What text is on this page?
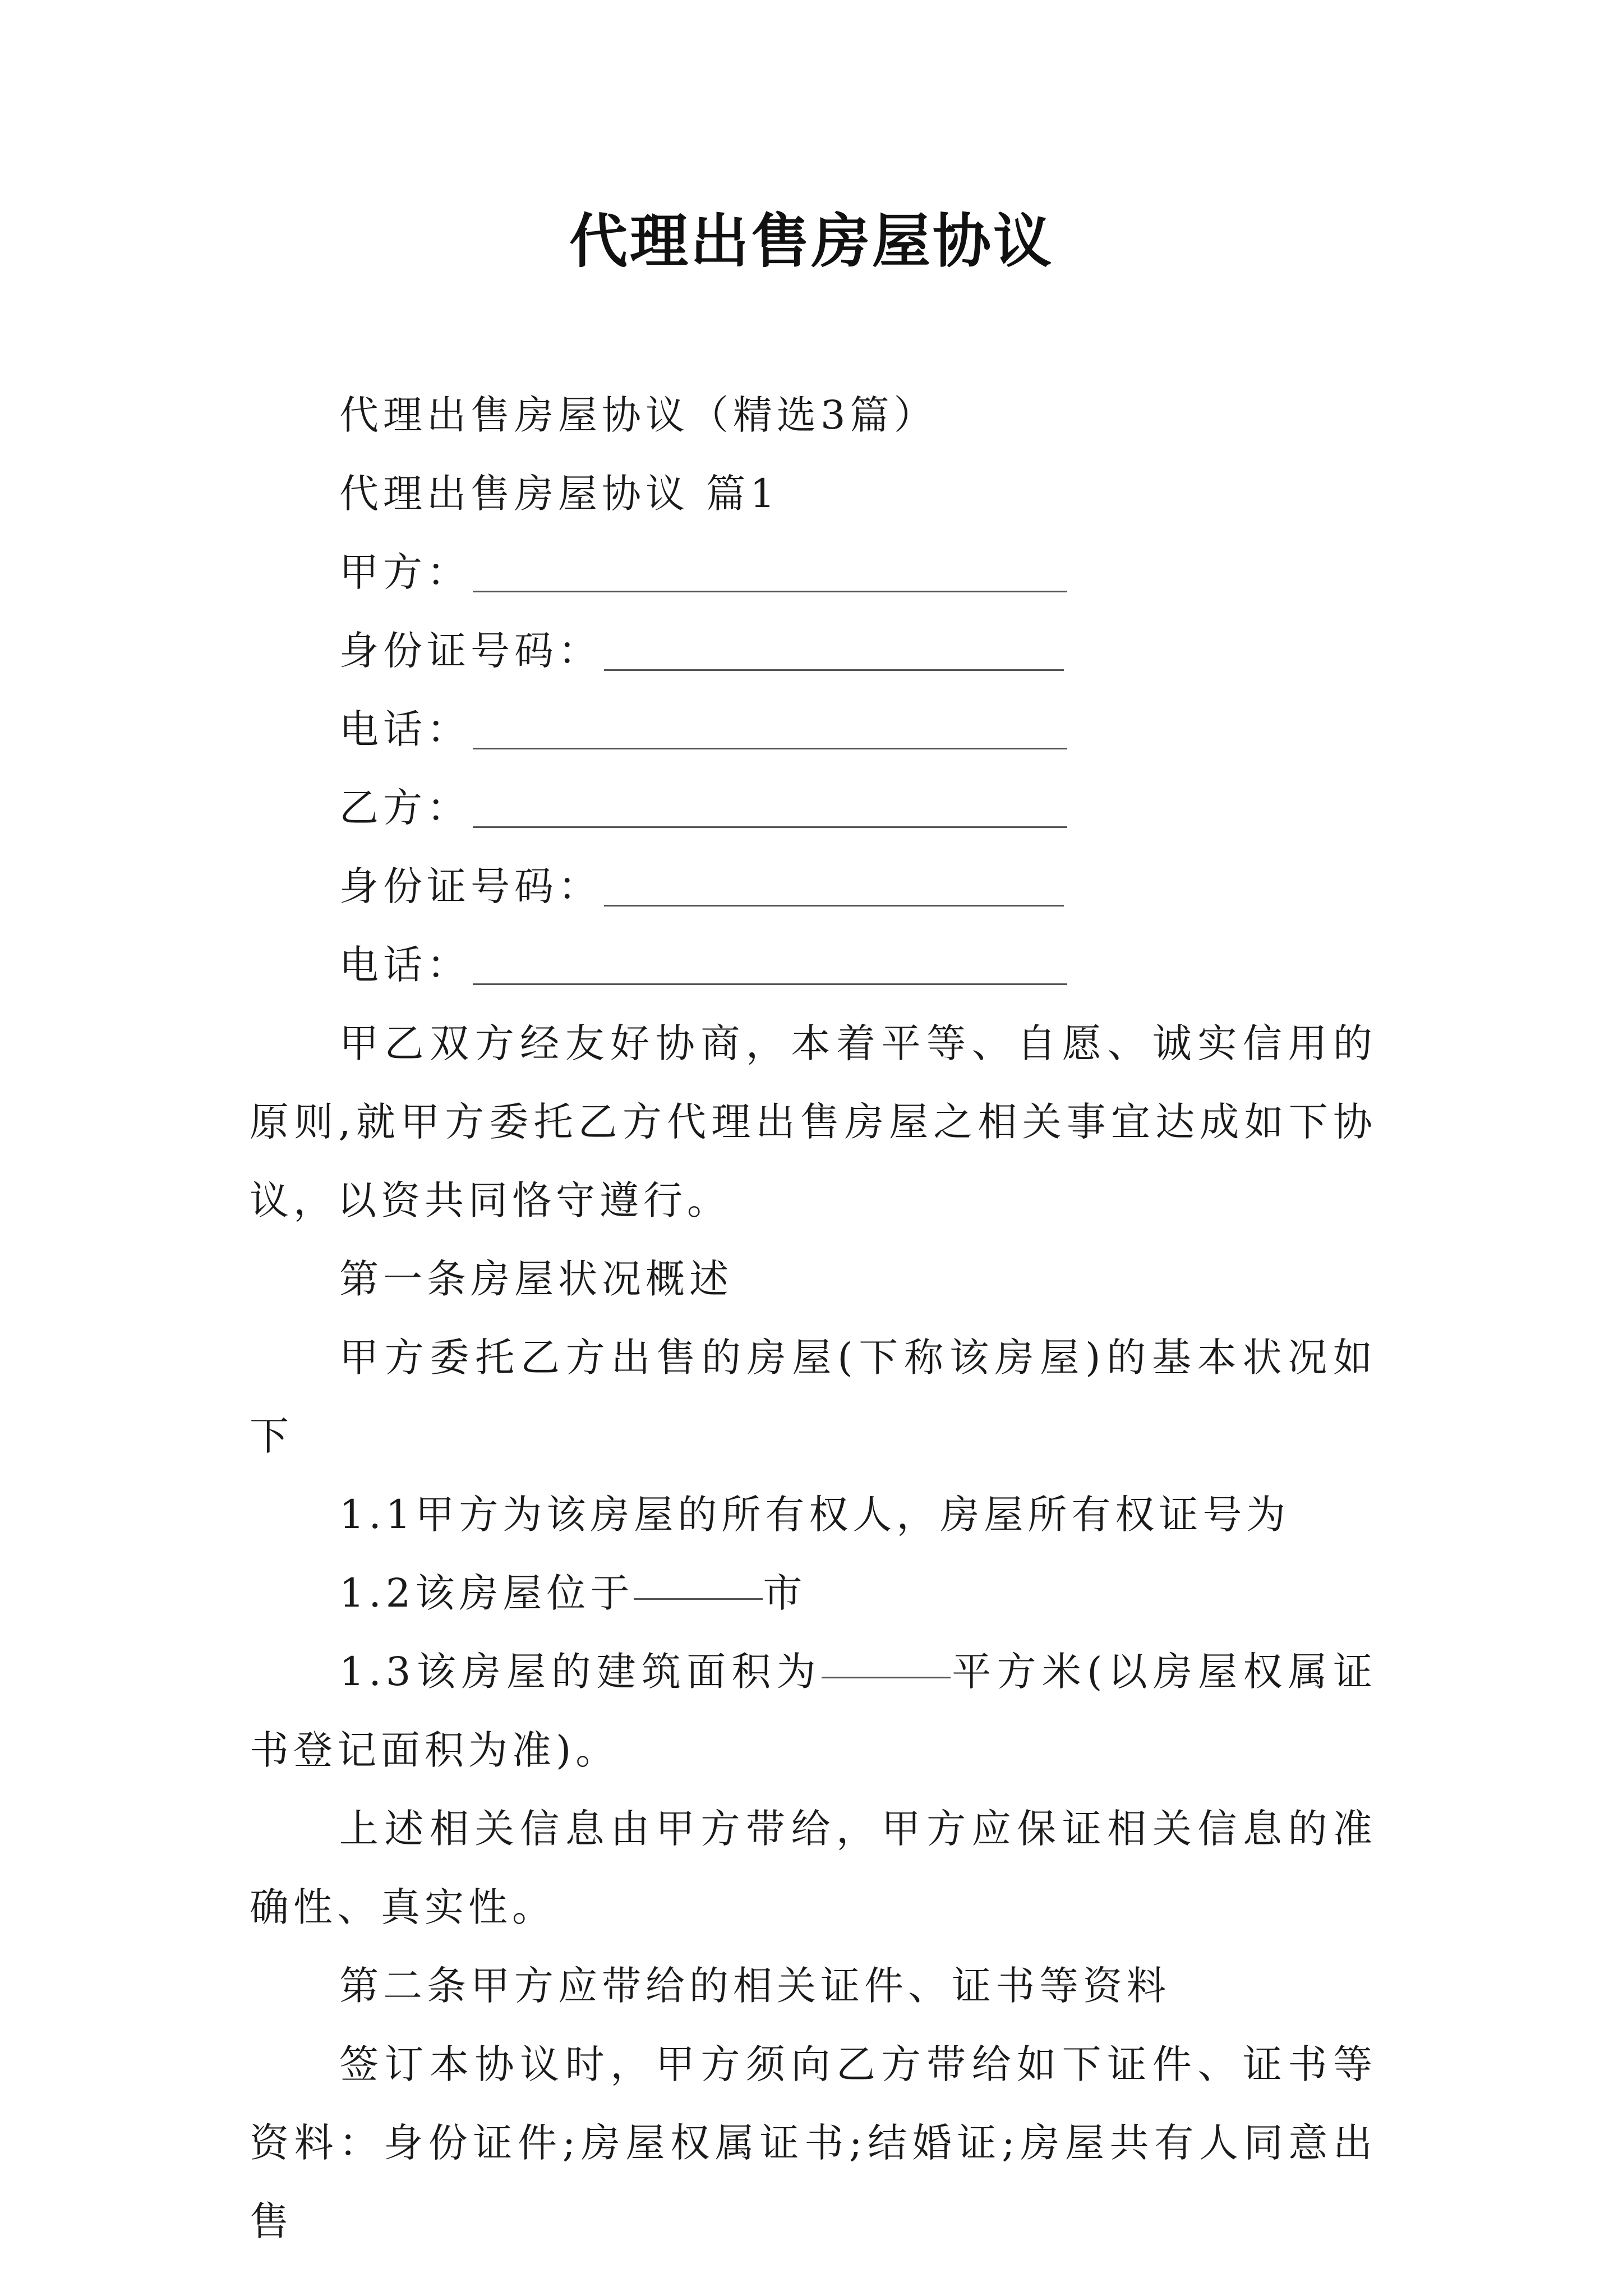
代理出售房屋协议

代理出售房屋协议（精选3篇）

代理出售房屋协议 篇1

甲方：
身份证号码：
电话：
乙方：
身份证号码：
电话：

甲乙双方经友好协商，本着平等、自愿、诚实信用的原则,就甲方委托乙方代理出售房屋之相关事宜达成如下协议，以资共同恪守遵行。

第一条房屋状况概述

甲方委托乙方出售的房屋(下称该房屋)的基本状况如下

1.1甲方为该房屋的所有权人，房屋所有权证号为

1.2该房屋位于	市

1.3该房屋的建筑面积为	平方米(以房屋权属证书登记面积为准)。

上述相关信息由甲方带给，甲方应保证相关信息的准确性、真实性。

第二条甲方应带给的相关证件、证书等资料

签订本协议时，甲方须向乙方带给如下证件、证书等资料：身份证件;房屋权属证书;结婚证;房屋共有人同意出售
